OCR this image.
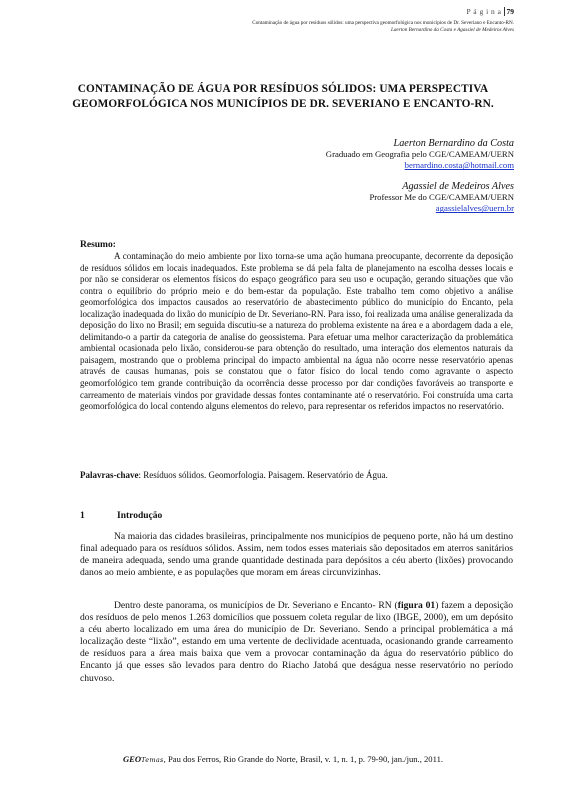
P á g i n a 79
Contaminação de água por resíduos sólidos: uma perspectiva geomorfológica nos municípios de Dr. Severiano e Encanto-RN.
Laerton Bernardino da Costa e Agassiel de Medeiros Alves
CONTAMINAÇÃO DE ÁGUA POR RESÍDUOS SÓLIDOS: UMA PERSPECTIVA GEOMORFOLÓGICA NOS MUNICÍPIOS DE DR. SEVERIANO E ENCANTO-RN.
Laerton Bernardino da Costa
Graduado em Geografia pelo CGE/CAMEAM/UERN
bernardino.costa@hotmail.com
Agassiel de Medeiros Alves
Professor Me do CGE/CAMEAM/UERN
agassielalves@uern.br
Resumo:

A contaminação do meio ambiente por lixo torna-se uma ação humana preocupante, decorrente da deposição de resíduos sólidos em locais inadequados. Este problema se dá pela falta de planejamento na escolha desses locais e por não se considerar os elementos físicos do espaço geográfico para seu uso e ocupação, gerando situações que vão contra o equilíbrio do próprio meio e do bem-estar da população. Este trabalho tem como objetivo a análise geomorfológica dos impactos causados ao reservatório de abastecimento público do município do Encanto, pela localização inadequada do lixão do município de Dr. Severiano-RN. Para isso, foi realizada uma análise generalizada da deposição do lixo no Brasil; em seguida discutiu-se a natureza do problema existente na área e a abordagem dada a ele, delimitando-o a partir da categoria de analise do geossistema. Para efetuar uma melhor caracterização da problemática ambiental ocasionada pelo lixão, considerou-se para obtenção do resultado, uma interação dos elementos naturais da paisagem, mostrando que o problema principal do impacto ambiental na água não ocorre nesse reservatório apenas através de causas humanas, pois se constatou que o fator físico do local tendo como agravante o aspecto geomorfológico tem grande contribuição da ocorrência desse processo por dar condições favoráveis ao transporte e carreamento de materiais vindos por gravidade dessas fontes contaminante até o reservatório. Foi construída uma carta geomorfológica do local contendo alguns elementos do relevo, para representar os referidos impactos no reservatório.

Palavras-chave: Resíduos sólidos. Geomorfologia. Paisagem. Reservatório de Água.
1	Introdução

Na maioria das cidades brasileiras, principalmente nos municípios de pequeno porte, não há um destino final adequado para os resíduos sólidos. Assim, nem todos esses materiais são depositados em aterros sanitários de maneira adequada, sendo uma grande quantidade destinada para depósitos a céu aberto (lixões) provocando danos ao meio ambiente, e as populações que moram em áreas circunvizinhas.

Dentro deste panorama, os municípios de Dr. Severiano e Encanto- RN (figura 01) fazem a deposição dos resíduos de pelo menos 1.263 domicílios que possuem coleta regular de lixo (IBGE, 2000), em um depósito a céu aberto localizado em uma área do município de Dr. Severiano. Sendo a principal problemática a má localização deste “lixão”, estando em uma vertente de declividade acentuada, ocasionando grande carreamento de resíduos para a área mais baixa que vem a provocar contaminação da água do reservatório público do Encanto já que esses são levados para dentro do Riacho Jatobá que deságua nesse reservatório no período chuvoso.

GEOTemas, Pau dos Ferros, Rio Grande do Norte, Brasil, v. 1, n. 1, p. 79-90, jan./jun., 2011.
